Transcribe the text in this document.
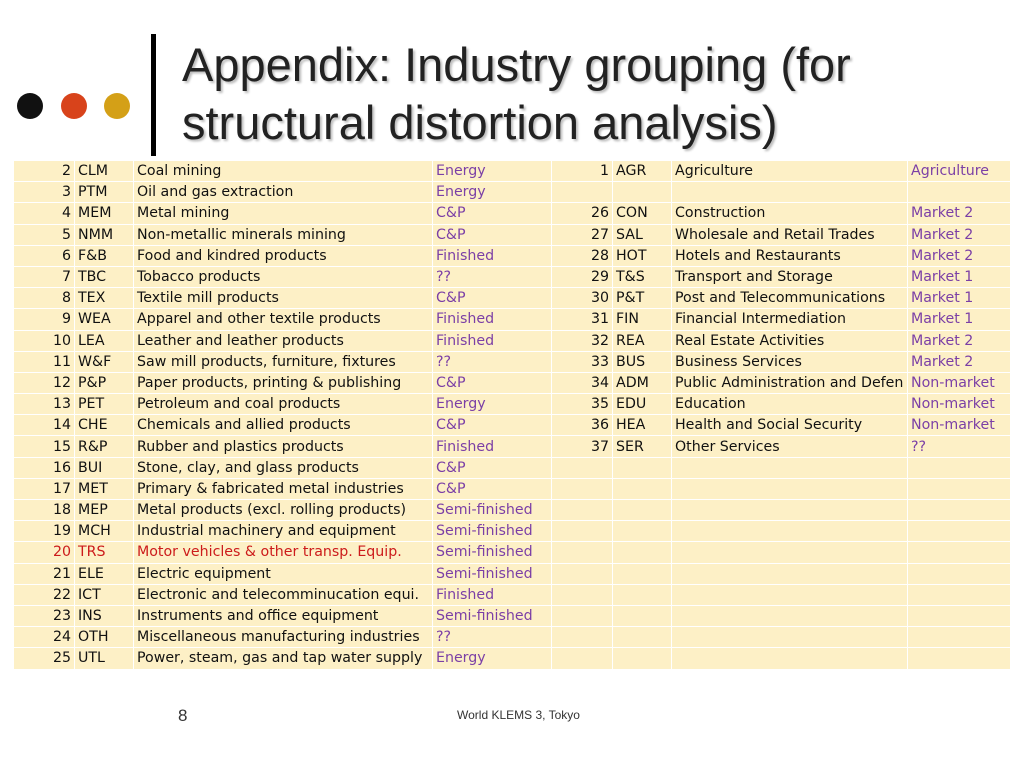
Appendix: Industry grouping (for
structural distortion analysis)
8	World KLEMS 3, Tokyo
2	CLM	Coal mining	Energy	1	AGR	Agriculture	Agriculture
3	PTM	Oil and gas extraction	Energy				
4	MEM	Metal mining	C&P	26	CON	Construction	Market 2
5	NMM	Non-metallic minerals mining	C&P	27	SAL	Wholesale and Retail Trades	Market 2
6	F&B	Food and kindred products	Finished	28	HOT	Hotels and Restaurants	Market 2
7	TBC	Tobacco products	??	29	T&S	Transport and Storage	Market 1
8	TEX	Textile mill products	C&P	30	P&T	Post and Telecommunications	Market 1
9	WEA	Apparel and other textile products	Finished	31	FIN	Financial Intermediation	Market 1
10	LEA	Leather and leather products	Finished	32	REA	Real Estate Activities	Market 2
11	W&F	Saw mill products, furniture, fixtures	??	33	BUS	Business Services	Market 2
12	P&P	Paper products, printing & publishing	C&P	34	ADM	Public Administration and Defen	Non-market
13	PET	Petroleum and coal products	Energy	35	EDU	Education	Non-market
14	CHE	Chemicals and allied products	C&P	36	HEA	Health and Social Security	Non-market
15	R&P	Rubber and plastics products	Finished	37	SER	Other Services	??
16	BUI	Stone, clay, and glass products	C&P				
17	MET	Primary & fabricated metal industries	C&P				
18	MEP	Metal products (excl. rolling products)	Semi-finished				
19	MCH	Industrial machinery and equipment	Semi-finished				
20	TRS	Motor vehicles & other transp. Equip.	Semi-finished				
21	ELE	Electric equipment	Semi-finished				
22	ICT	Electronic and telecomminucation equi.	Finished				
23	INS	Instruments and office equipment	Semi-finished				
24	OTH	Miscellaneous manufacturing industries	??				
25	UTL	Power, steam, gas and tap water supply	Energy				
